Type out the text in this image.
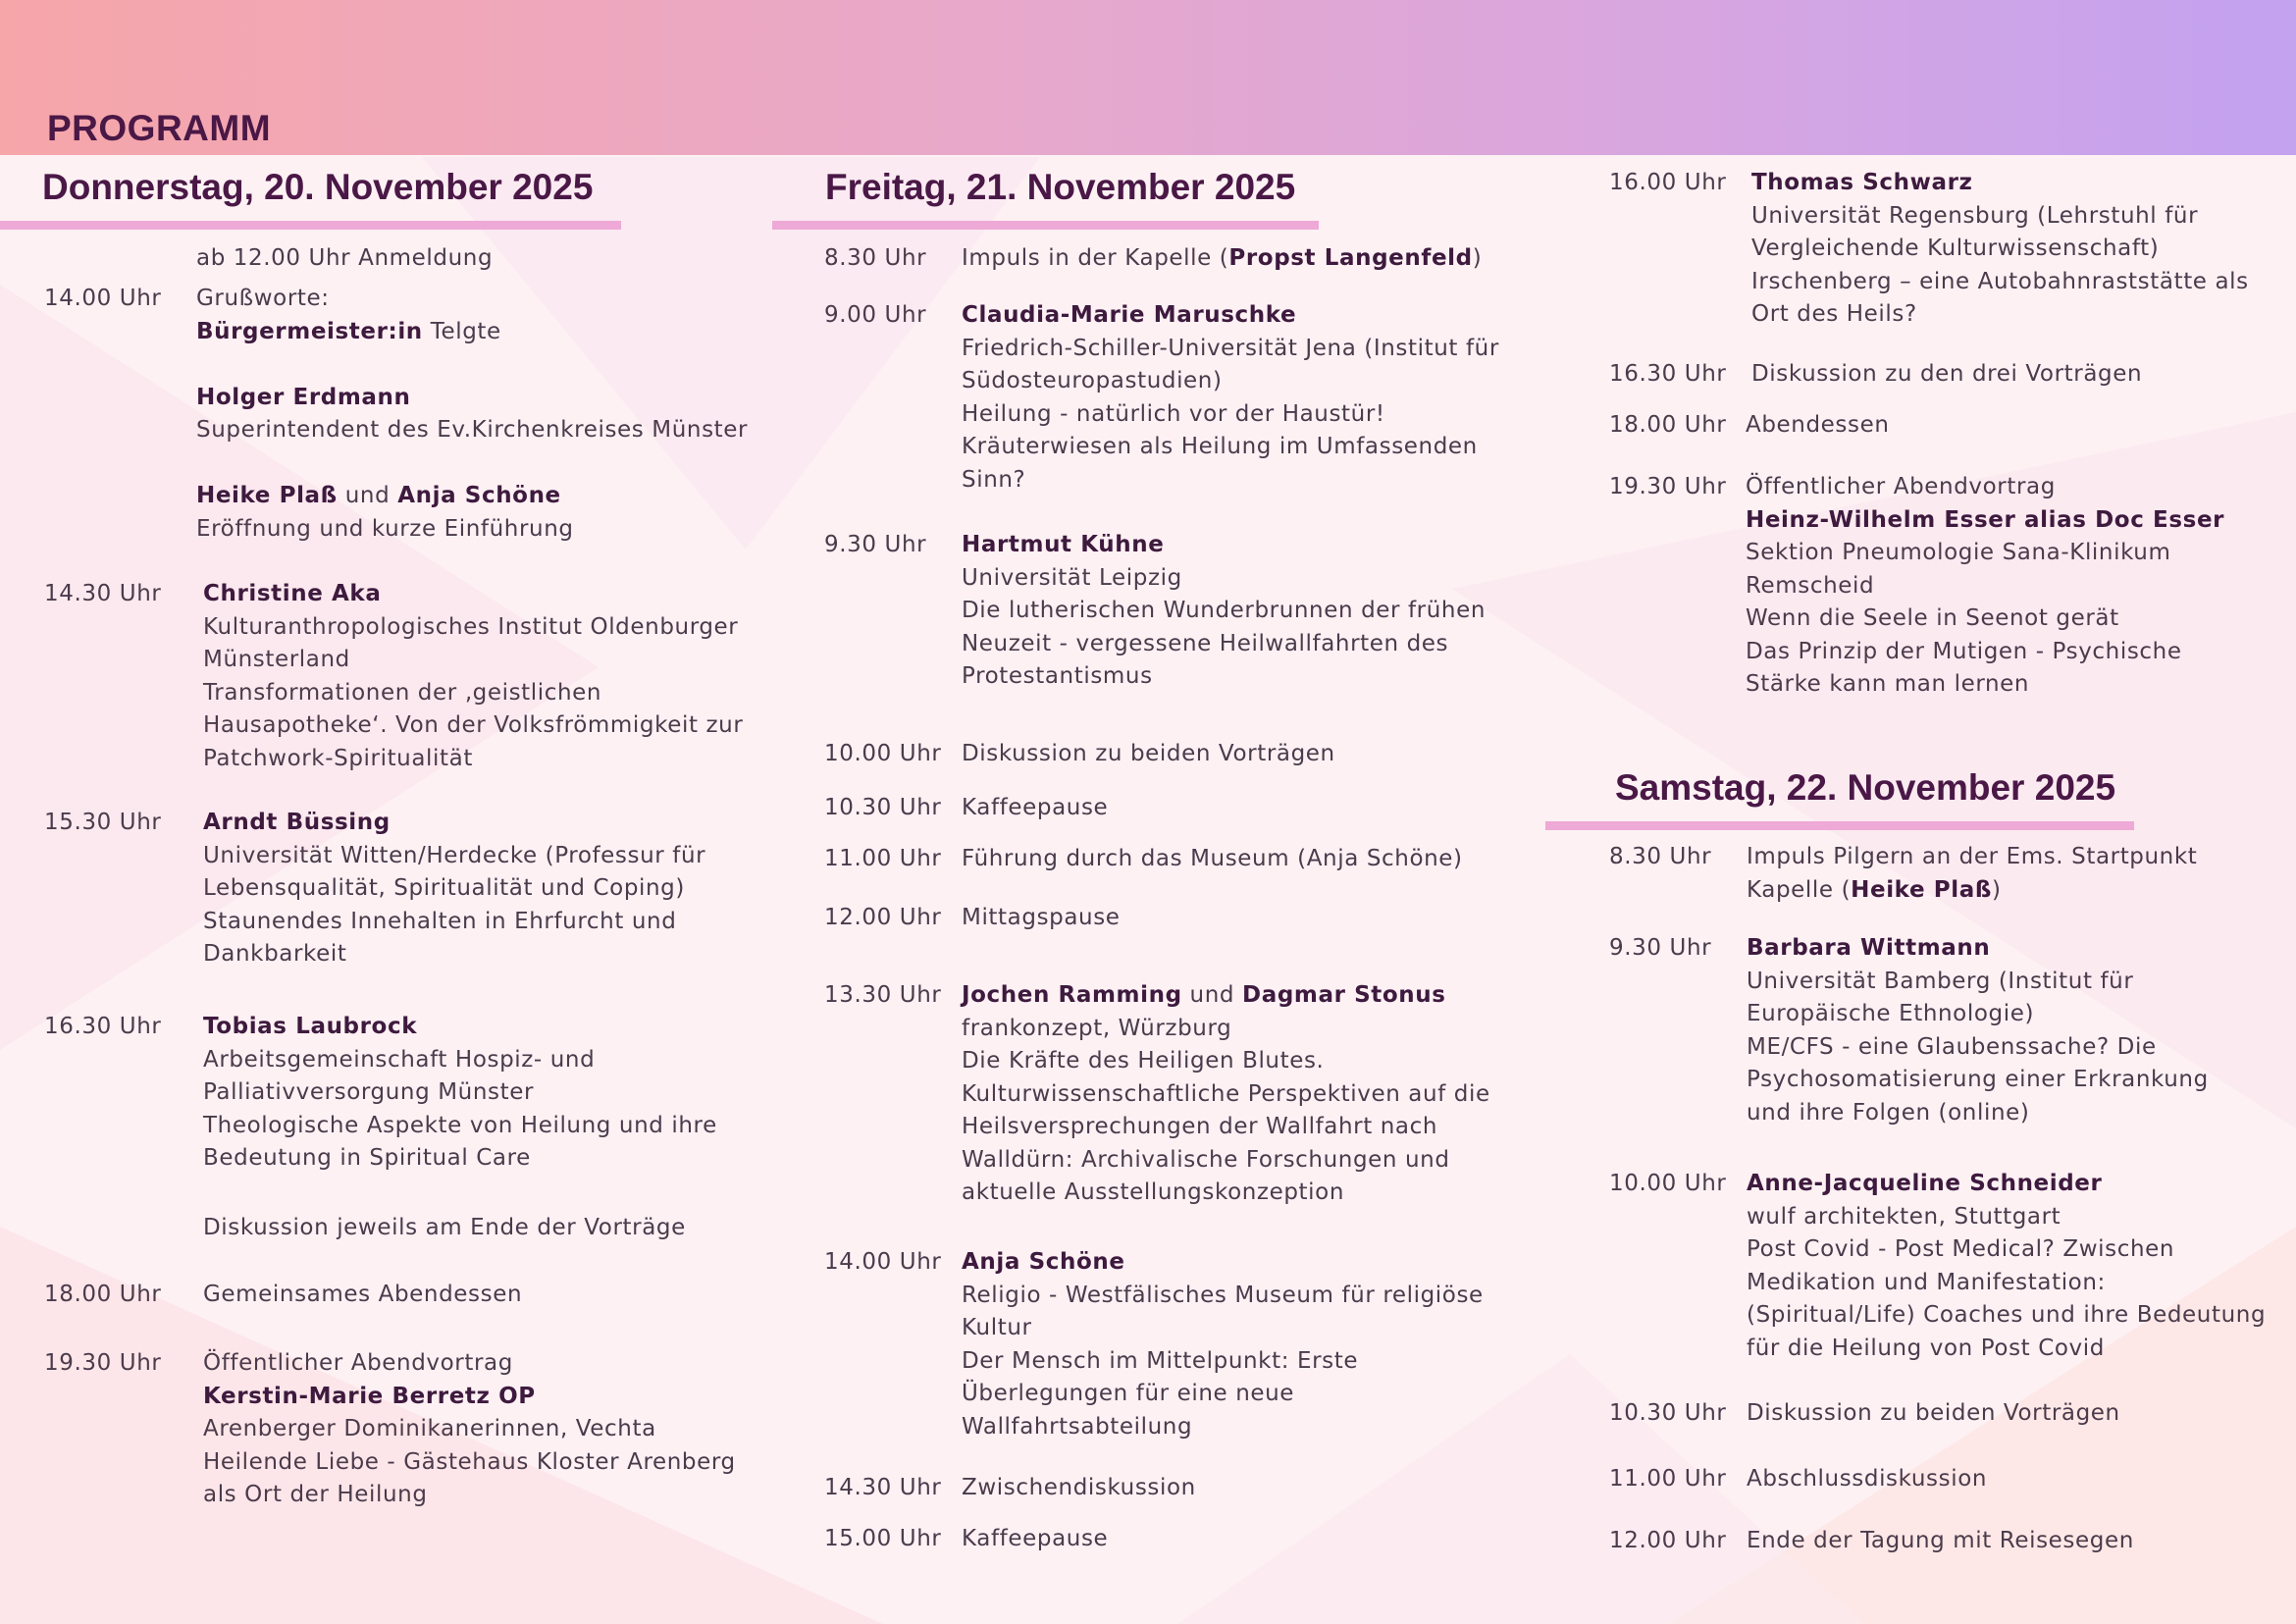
PROGRAMM
Donnerstag, 20. November 2025	Freitag, 21. November 2025
Samstag, 22. November 2025
ab 12.00 Uhr Anmeldung
14.00 Uhr Grußworte:
Bürgermeister:in Telgte

Holger Erdmann
Superintendent des Ev.Kirchenkreises Münster

Heike Plaß und Anja Schöne
Eröffnung und kurze Einführung
14.30 Uhr Christine Aka
Kulturanthropologisches Institut Oldenburger
Münsterland
Transformationen der ‚geistlichen
Hausapotheke‘. Von der Volksfrömmigkeit zur
Patchwork-Spiritualität
15.30 Uhr Arndt Büssing
Universität Witten/Herdecke (Professur für
Lebensqualität, Spiritualität und Coping)
Staunendes Innehalten in Ehrfurcht und
Dankbarkeit
16.30 Uhr Tobias Laubrock
Arbeitsgemeinschaft Hospiz- und
Palliativversorgung Münster
Theologische Aspekte von Heilung und ihre
Bedeutung in Spiritual Care
Diskussion jeweils am Ende der Vorträge
18.00 Uhr Gemeinsames Abendessen
19.30 Uhr Öffentlicher Abendvortrag
Kerstin-Marie Berretz OP
Arenberger Dominikanerinnen, Vechta
Heilende Liebe - Gästehaus Kloster Arenberg
als Ort der Heilung
8.30 Uhr Impuls in der Kapelle (Propst Langenfeld)
9.00 Uhr Claudia-Marie Maruschke
Friedrich-Schiller-Universität Jena (Institut für
Südosteuropastudien)
Heilung - natürlich vor der Haustür!
Kräuterwiesen als Heilung im Umfassenden
Sinn?
9.30 Uhr Hartmut Kühne
Universität Leipzig
Die lutherischen Wunderbrunnen der frühen
Neuzeit - vergessene Heilwallfahrten des
Protestantismus
10.00 Uhr Diskussion zu beiden Vorträgen
10.30 Uhr Kaffeepause
11.00 Uhr Führung durch das Museum (Anja Schöne)
12.00 Uhr Mittagspause
13.30 Uhr Jochen Ramming und Dagmar Stonus
frankonzept, Würzburg
Die Kräfte des Heiligen Blutes.
Kulturwissenschaftliche Perspektiven auf die
Heilsversprechungen der Wallfahrt nach
Walldürn: Archivalische Forschungen und
aktuelle Ausstellungskonzeption
14.00 Uhr Anja Schöne
Religio - Westfälisches Museum für religiöse
Kultur
Der Mensch im Mittelpunkt: Erste
Überlegungen für eine neue
Wallfahrtsabteilung
14.30 Uhr Zwischendiskussion
15.00 Uhr Kaffeepause
16.00 Uhr Thomas Schwarz
Universität Regensburg (Lehrstuhl für
Vergleichende Kulturwissenschaft)
Irschenberg – eine Autobahnraststätte als
Ort des Heils?
16.30 Uhr Diskussion zu den drei Vorträgen
18.00 Uhr Abendessen
19.30 Uhr Öffentlicher Abendvortrag
Heinz-Wilhelm Esser alias Doc Esser
Sektion Pneumologie Sana-Klinikum
Remscheid
Wenn die Seele in Seenot gerät
Das Prinzip der Mutigen - Psychische
Stärke kann man lernen
8.30 Uhr Impuls Pilgern an der Ems. Startpunkt
Kapelle (Heike Plaß)
9.30 Uhr Barbara Wittmann
Universität Bamberg (Institut für
Europäische Ethnologie)
ME/CFS - eine Glaubenssache? Die
Psychosomatisierung einer Erkrankung
und ihre Folgen (online)
10.00 Uhr Anne-Jacqueline Schneider
wulf architekten, Stuttgart
Post Covid - Post Medical? Zwischen
Medikation und Manifestation:
(Spiritual/Life) Coaches und ihre Bedeutung
für die Heilung von Post Covid
10.30 Uhr Diskussion zu beiden Vorträgen
11.00 Uhr Abschlussdiskussion
12.00 Uhr Ende der Tagung mit Reisesegen
